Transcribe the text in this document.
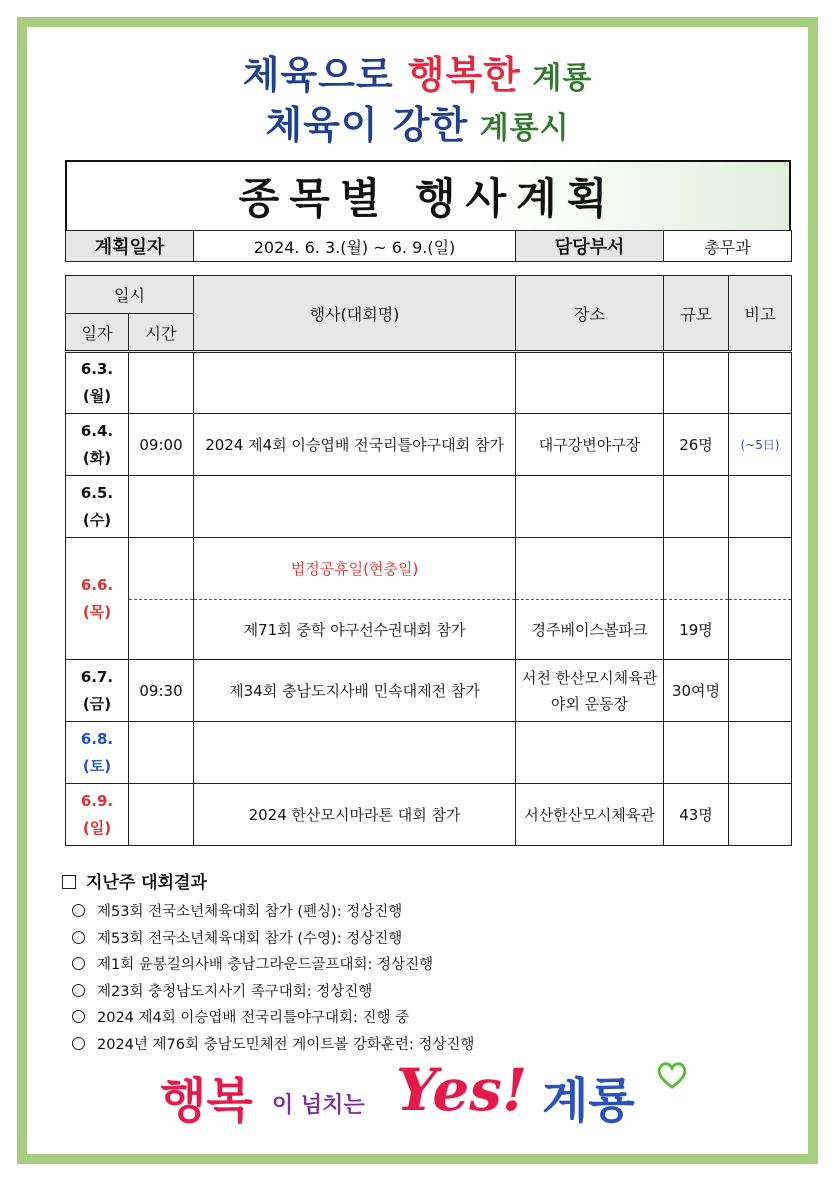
체육으로 행복한 계룡
체육이 강한 계룡시
종목별 행사계획
계획일자	2024. 6. 3.(월) ~ 6. 9.(일)	담당부서	총무과
일시		행사(대회명)	장소	규모	비고
일자	시간				
6.3.
(월)					
6.4.
(화)	09:00	2024 제4회 이승엽배 전국리틀야구대회 참가	대구강변야구장	26명	(~5日)
6.5.
(수)					
6.6.
(목)		법정공휴일(현충일)			
		제71회 중학 야구선수권대회 참가	경주베이스볼파크	19명	
6.7.
(금)	09:30	제34회 충남도지사배 민속대제전 참가	서천 한산모시체육관
야외 운동장	30여명	
6.8.
(토)					
6.9.
(일)		2024 한산모시마라톤 대회 참가	서산한산모시체육관	43명	
지난주 대회결과
제53회 전국소년체육대회 참가 (펜싱): 정상진행
제53회 전국소년체육대회 참가 (수영): 정상진행
제1회 윤봉길의사배 충남그라운드골프대회: 정상진행
제23회 충청남도지사기 족구대회: 정상진행
2024 제4회 이승엽배 전국리틀야구대회: 진행 중
2024년 제76회 충남도민체전 게이트볼 강화훈련: 정상진행
행복 이 넘치는 Yes! 계룡
